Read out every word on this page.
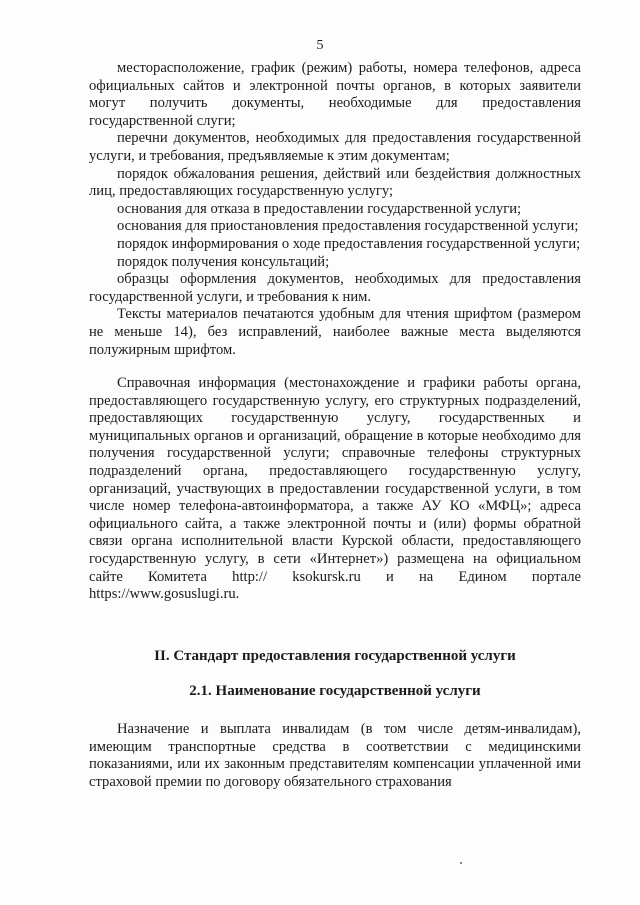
5

месторасположение, график (режим) работы, номера телефонов, адреса официальных сайтов и электронной почты органов, в которых заявители могут получить документы, необходимые для предоставления государственной слуги;

перечни документов, необходимых для предоставления государственной услуги, и требования, предъявляемые к этим документам;

порядок обжалования решения, действий или бездействия должностных лиц, предоставляющих государственную услугу;

основания для отказа в предоставлении государственной услуги;

основания для приостановления предоставления государственной услуги;

порядок информирования о ходе предоставления государственной услуги;

порядок получения консультаций;

образцы оформления документов, необходимых для предоставления государственной услуги, и требования к ним.

Тексты материалов печатаются удобным для чтения шрифтом (размером не меньше 14), без исправлений, наиболее важные места выделяются полужирным шрифтом.

Справочная информация (местонахождение и графики работы органа, предоставляющего государственную услугу, его структурных подразделений, предоставляющих государственную услугу, государственных и муниципальных органов и организаций, обращение в которые необходимо для получения государственной услуги; справочные телефоны структурных подразделений органа, предоставляющего государственную услугу, организаций, участвующих в предоставлении государственной услуги, в том числе номер телефона-автоинформатора, а также АУ КО «МФЦ»; адреса официального сайта, а также электронной почты и (или) формы обратной связи органа исполнительной власти Курской области, предоставляющего государственную услугу, в сети «Интернет») размещена на официальном сайте Комитета http:// ksokursk.ru и на Едином портале https://www.gosuslugi.ru.

II. Стандарт предоставления государственной услуги

2.1. Наименование государственной услуги

Назначение и выплата инвалидам (в том числе детям-инвалидам), имеющим транспортные средства в соответствии с медицинскими показаниями, или их законным представителям компенсации уплаченной ими страховой премии по договору обязательного страхования
